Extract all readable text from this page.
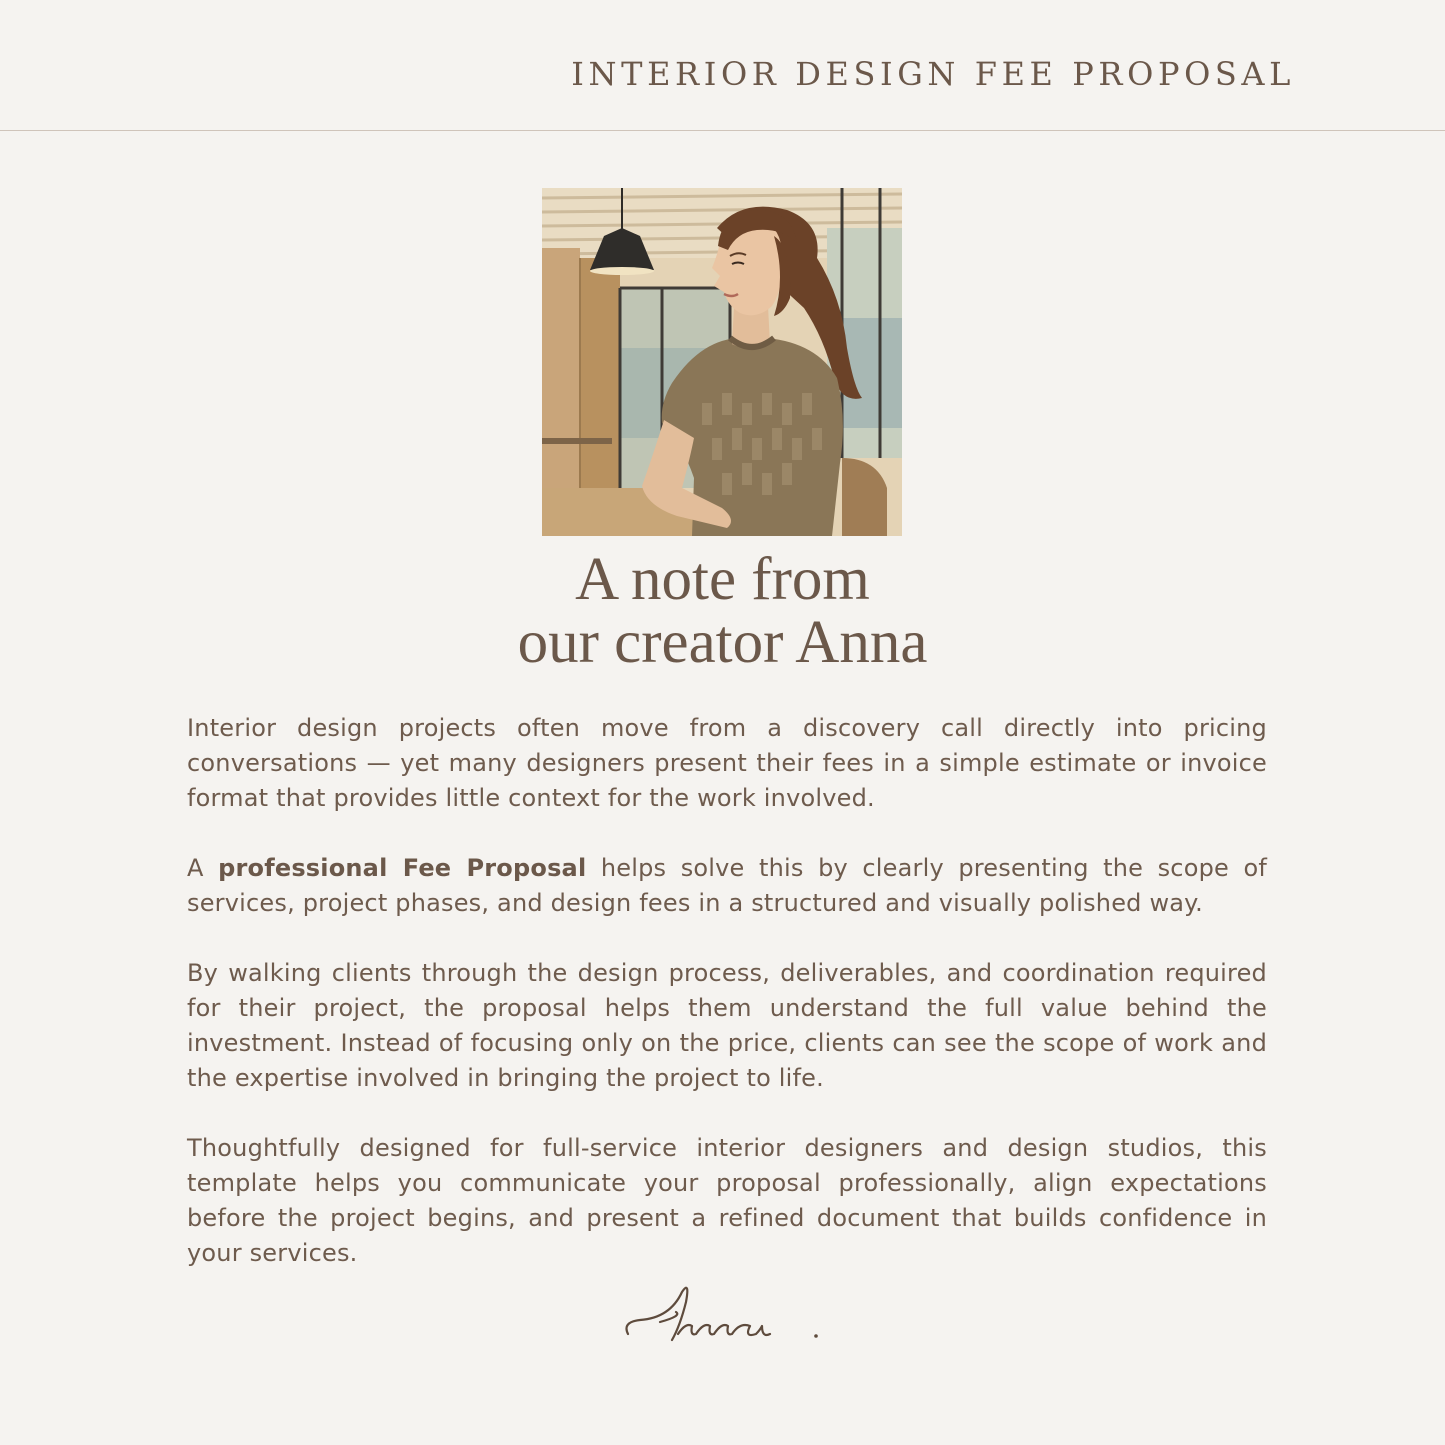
INTERIOR DESIGN FEE PROPOSAL
A note from
our creator Anna

Interior design projects often move from a discovery call directly into pricing conversations — yet many designers present their fees in a simple estimate or invoice format that provides little context for the work involved.

A professional Fee Proposal helps solve this by clearly presenting the scope of services, project phases, and design fees in a structured and visually polished way.

By walking clients through the design process, deliverables, and coordination required for their project, the proposal helps them understand the full value behind the investment. Instead of focusing only on the price, clients can see the scope of work and the expertise involved in bringing the project to life.

Thoughtfully designed for full-service interior designers and design studios, this template helps you communicate your proposal professionally, align expectations before the project begins, and present a refined document that builds confidence in your services.
